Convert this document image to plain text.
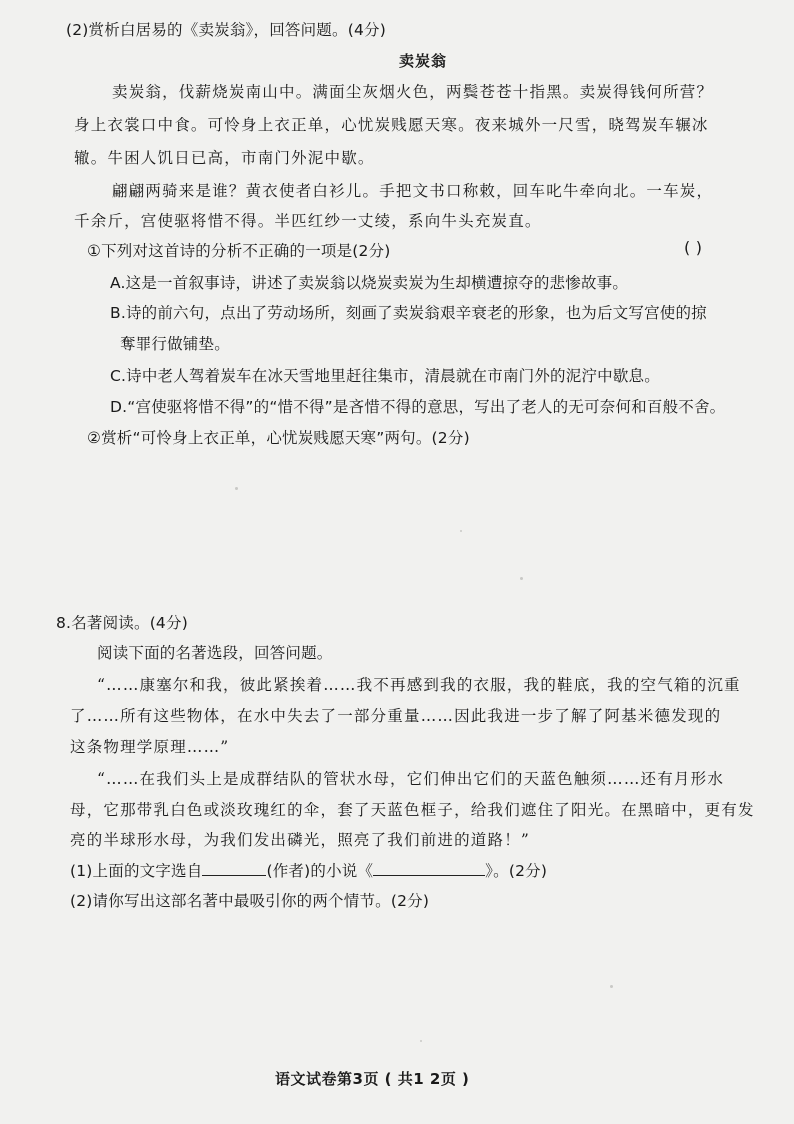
(2)赏析白居易的《卖炭翁》，回答问题。(4分)
卖炭翁
卖炭翁，伐薪烧炭南山中。满面尘灰烟火色，两鬓苍苍十指黑。卖炭得钱何所营？
身上衣裳口中食。可怜身上衣正单，心忧炭贱愿天寒。夜来城外一尺雪，晓驾炭车辗冰
辙。牛困人饥日已高，市南门外泥中歇。
翩翩两骑来是谁？黄衣使者白衫儿。手把文书口称敕，回车叱牛牵向北。一车炭，
千余斤，宫使驱将惜不得。半匹红纱一丈绫，系向牛头充炭直。
①下列对这首诗的分析不正确的一项是(2分)	( )
A.这是一首叙事诗，讲述了卖炭翁以烧炭卖炭为生却横遭掠夺的悲惨故事。
B.诗的前六句，点出了劳动场所，刻画了卖炭翁艰辛衰老的形象，也为后文写宫使的掠
奪罪行做铺垫。
C.诗中老人驾着炭车在冰天雪地里赶往集市，清晨就在市南门外的泥泞中歇息。
D.“宫使驱将惜不得”的“惜不得”是吝惜不得的意思，写出了老人的无可奈何和百般不舍。
②赏析“可怜身上衣正单，心忧炭贱愿天寒”两句。(2分)
8.名著阅读。(4分)
阅读下面的名著选段，回答问题。
“……康塞尔和我，彼此紧挨着……我不再感到我的衣服，我的鞋底，我的空气箱的沉重
了……所有这些物体，在水中失去了一部分重量……因此我进一步了解了阿基米德发现的
这条物理学原理……”
“……在我们头上是成群结队的管状水母，它们伸出它们的天蓝色触须……还有月形水
母，它那带乳白色或淡玫瑰红的伞，套了天蓝色框子，给我们遮住了阳光。在黑暗中，更有发
亮的半球形水母，为我们发出磷光，照亮了我们前进的道路！”
(1)上面的文字选自	(作者)的小说《	》。(2分)
(2)请你写出这部名著中最吸引你的两个情节。(2分)
语文试卷第3页 ( 共1 2页 )
